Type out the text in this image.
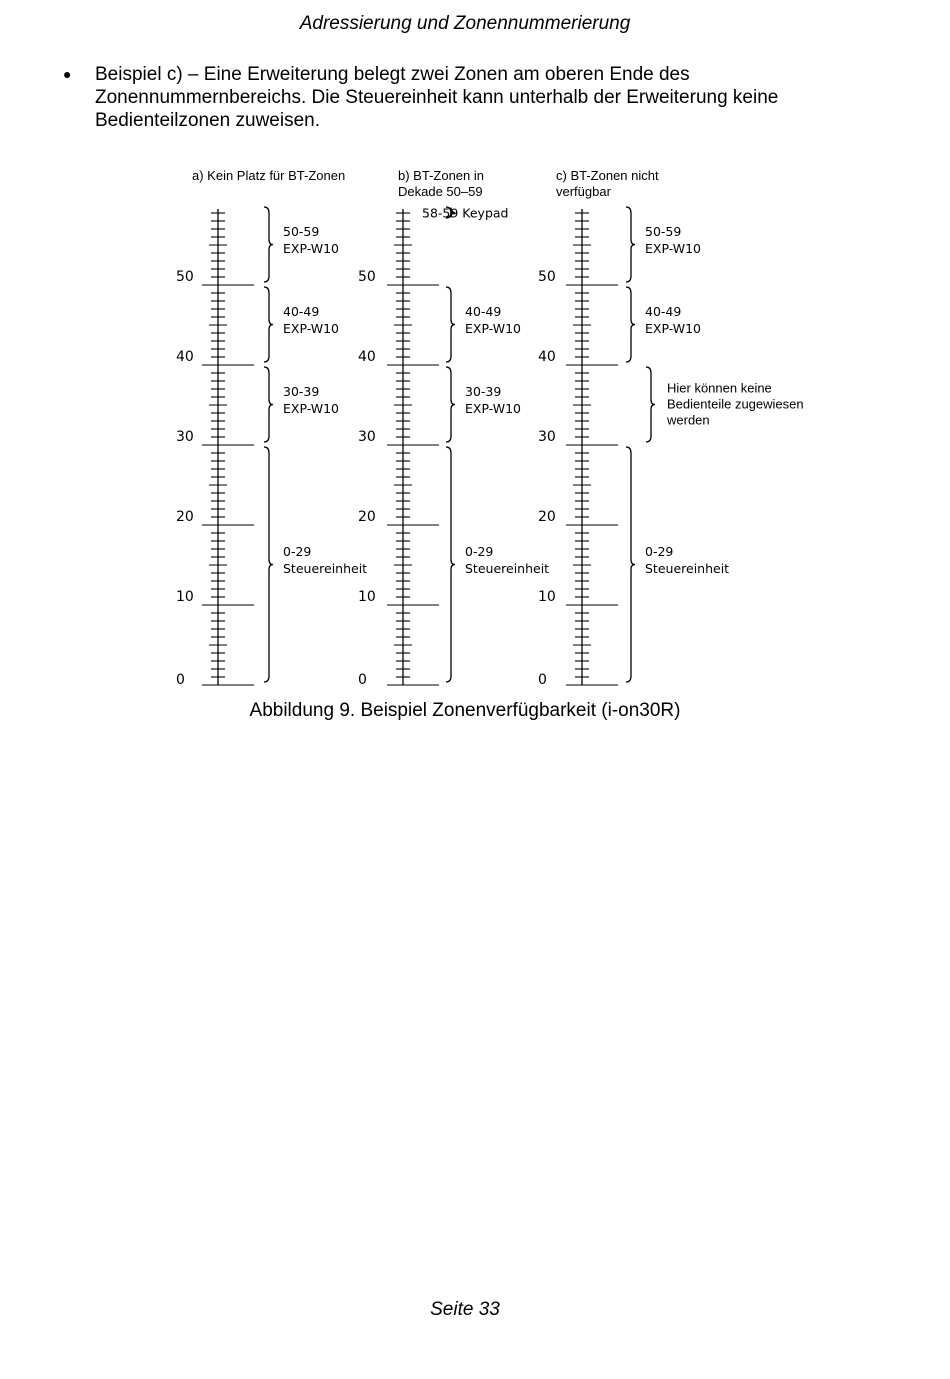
Adressierung und Zonennummerierung
●	Beispiel c) – Eine Erweiterung belegt zwei Zonen am oberen Ende des Zonennummernbereichs. Die Steuereinheit kann unterhalb der Erweiterung keine Bedienteilzonen zuweisen.
a) Kein Platz für BT-Zonen
0
10
20
30
40
50
50-59
EXP-W10
40-49
EXP-W10
30-39
EXP-W10
0-29
Steuereinheit
b) BT-Zonen in
Dekade 50–59
0
10
20
30
40
50
58-59 Keypad
40-49
EXP-W10
30-39
EXP-W10
0-29
Steuereinheit
c) BT-Zonen nicht
verfügbar
0
10
20
30
40
50
50-59
EXP-W10
40-49
EXP-W10
Hier können keine
Bedienteile zugewiesen
werden
0-29
Steuereinheit
Abbildung 9. Beispiel Zonenverfügbarkeit (i-on30R)
Seite 33
